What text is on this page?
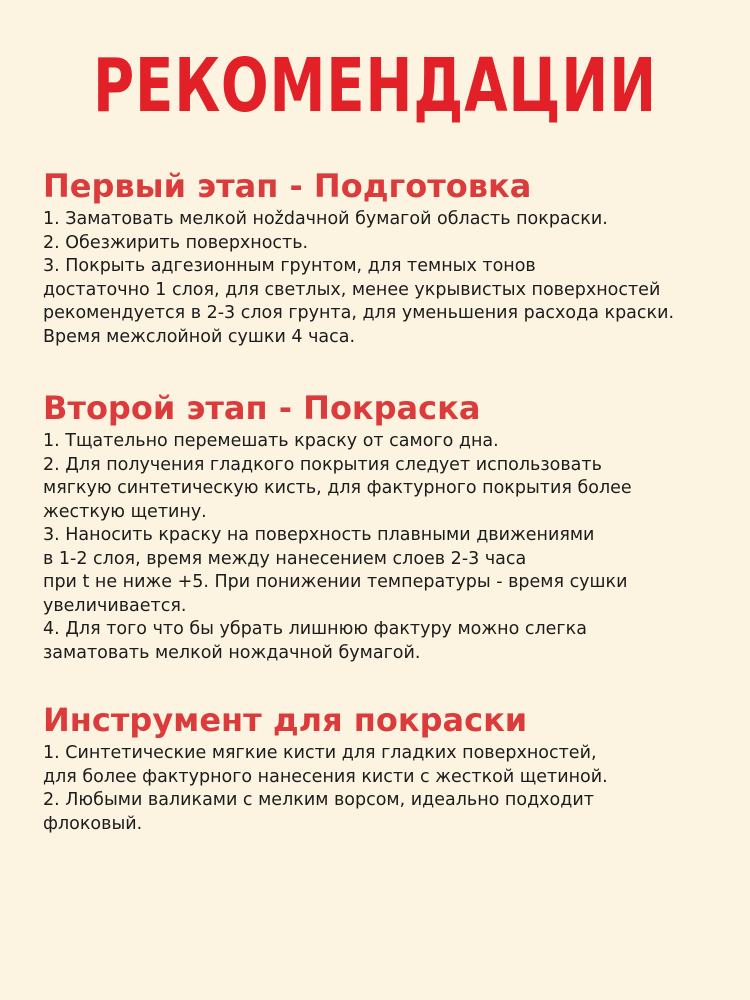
РЕКОМЕНДАЦИИ
Первый этап - Подготовка
1. Заматовать мелкой ноždачной бумагой область покраски.
2. Обезжирить поверхность.
3. Покрыть адгезионным грунтом, для темных тонов
достаточно 1 слоя, для светлых, менее укрывистых поверхностей
рекомендуется в 2-3 слоя грунта, для уменьшения расхода краски.
Время межслойной сушки 4 часа.
Второй этап - Покраска
1. Тщательно перемешать краску от самого дна.
2. Для получения гладкого покрытия следует использовать
мягкую синтетическую кисть, для фактурного покрытия более
жесткую щетину.
3. Наносить краску на поверхность плавными движениями
в 1-2 слоя, время между нанесением слоев 2-3 часа
при t не ниже +5. При понижении температуры - время сушки
увеличивается.
4. Для того что бы убрать лишнюю фактуру можно слегка
заматовать мелкой нождачной бумагой.
Инструмент для покраски
1. Синтетические мягкие кисти для гладких поверхностей,
для более фактурного нанесения кисти с жесткой щетиной.
2. Любыми валиками с мелким ворсом, идеально подходит
флоковый.
